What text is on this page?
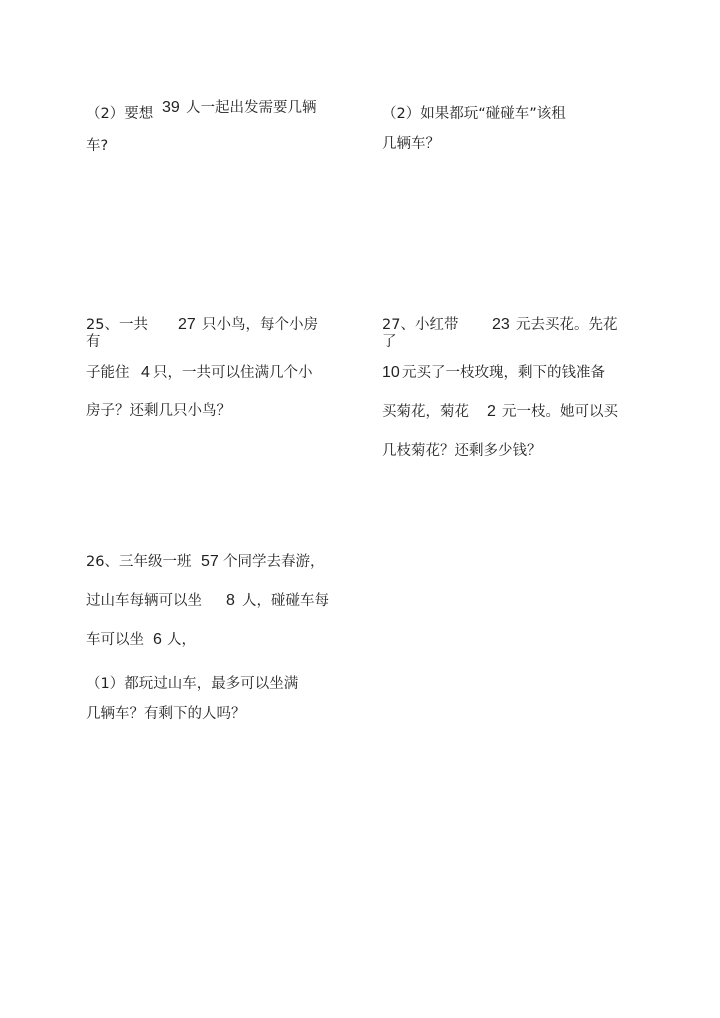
（2）要想 39 人一起出发需要几辆
车?
（2）如果都玩“碰碰车”该租
几辆车？
25、一共
有
27 只小鸟，每个小房
子能住 4 只，一共可以住满几个小
房子？还剩几只小鸟？
27、小红带
了
23 元去买花。先花
10 元买了一枝玫瑰，剩下的钱准备
买菊花，菊花 2 元一枝。她可以买
几枝菊花？还剩多少钱？
26、三年级一班 57 个同学去春游，
过山车每辆可以坐 8 人，碰碰车每
车可以坐 6 人，
（1）都玩过山车，最多可以坐满
几辆车？有剩下的人吗？
